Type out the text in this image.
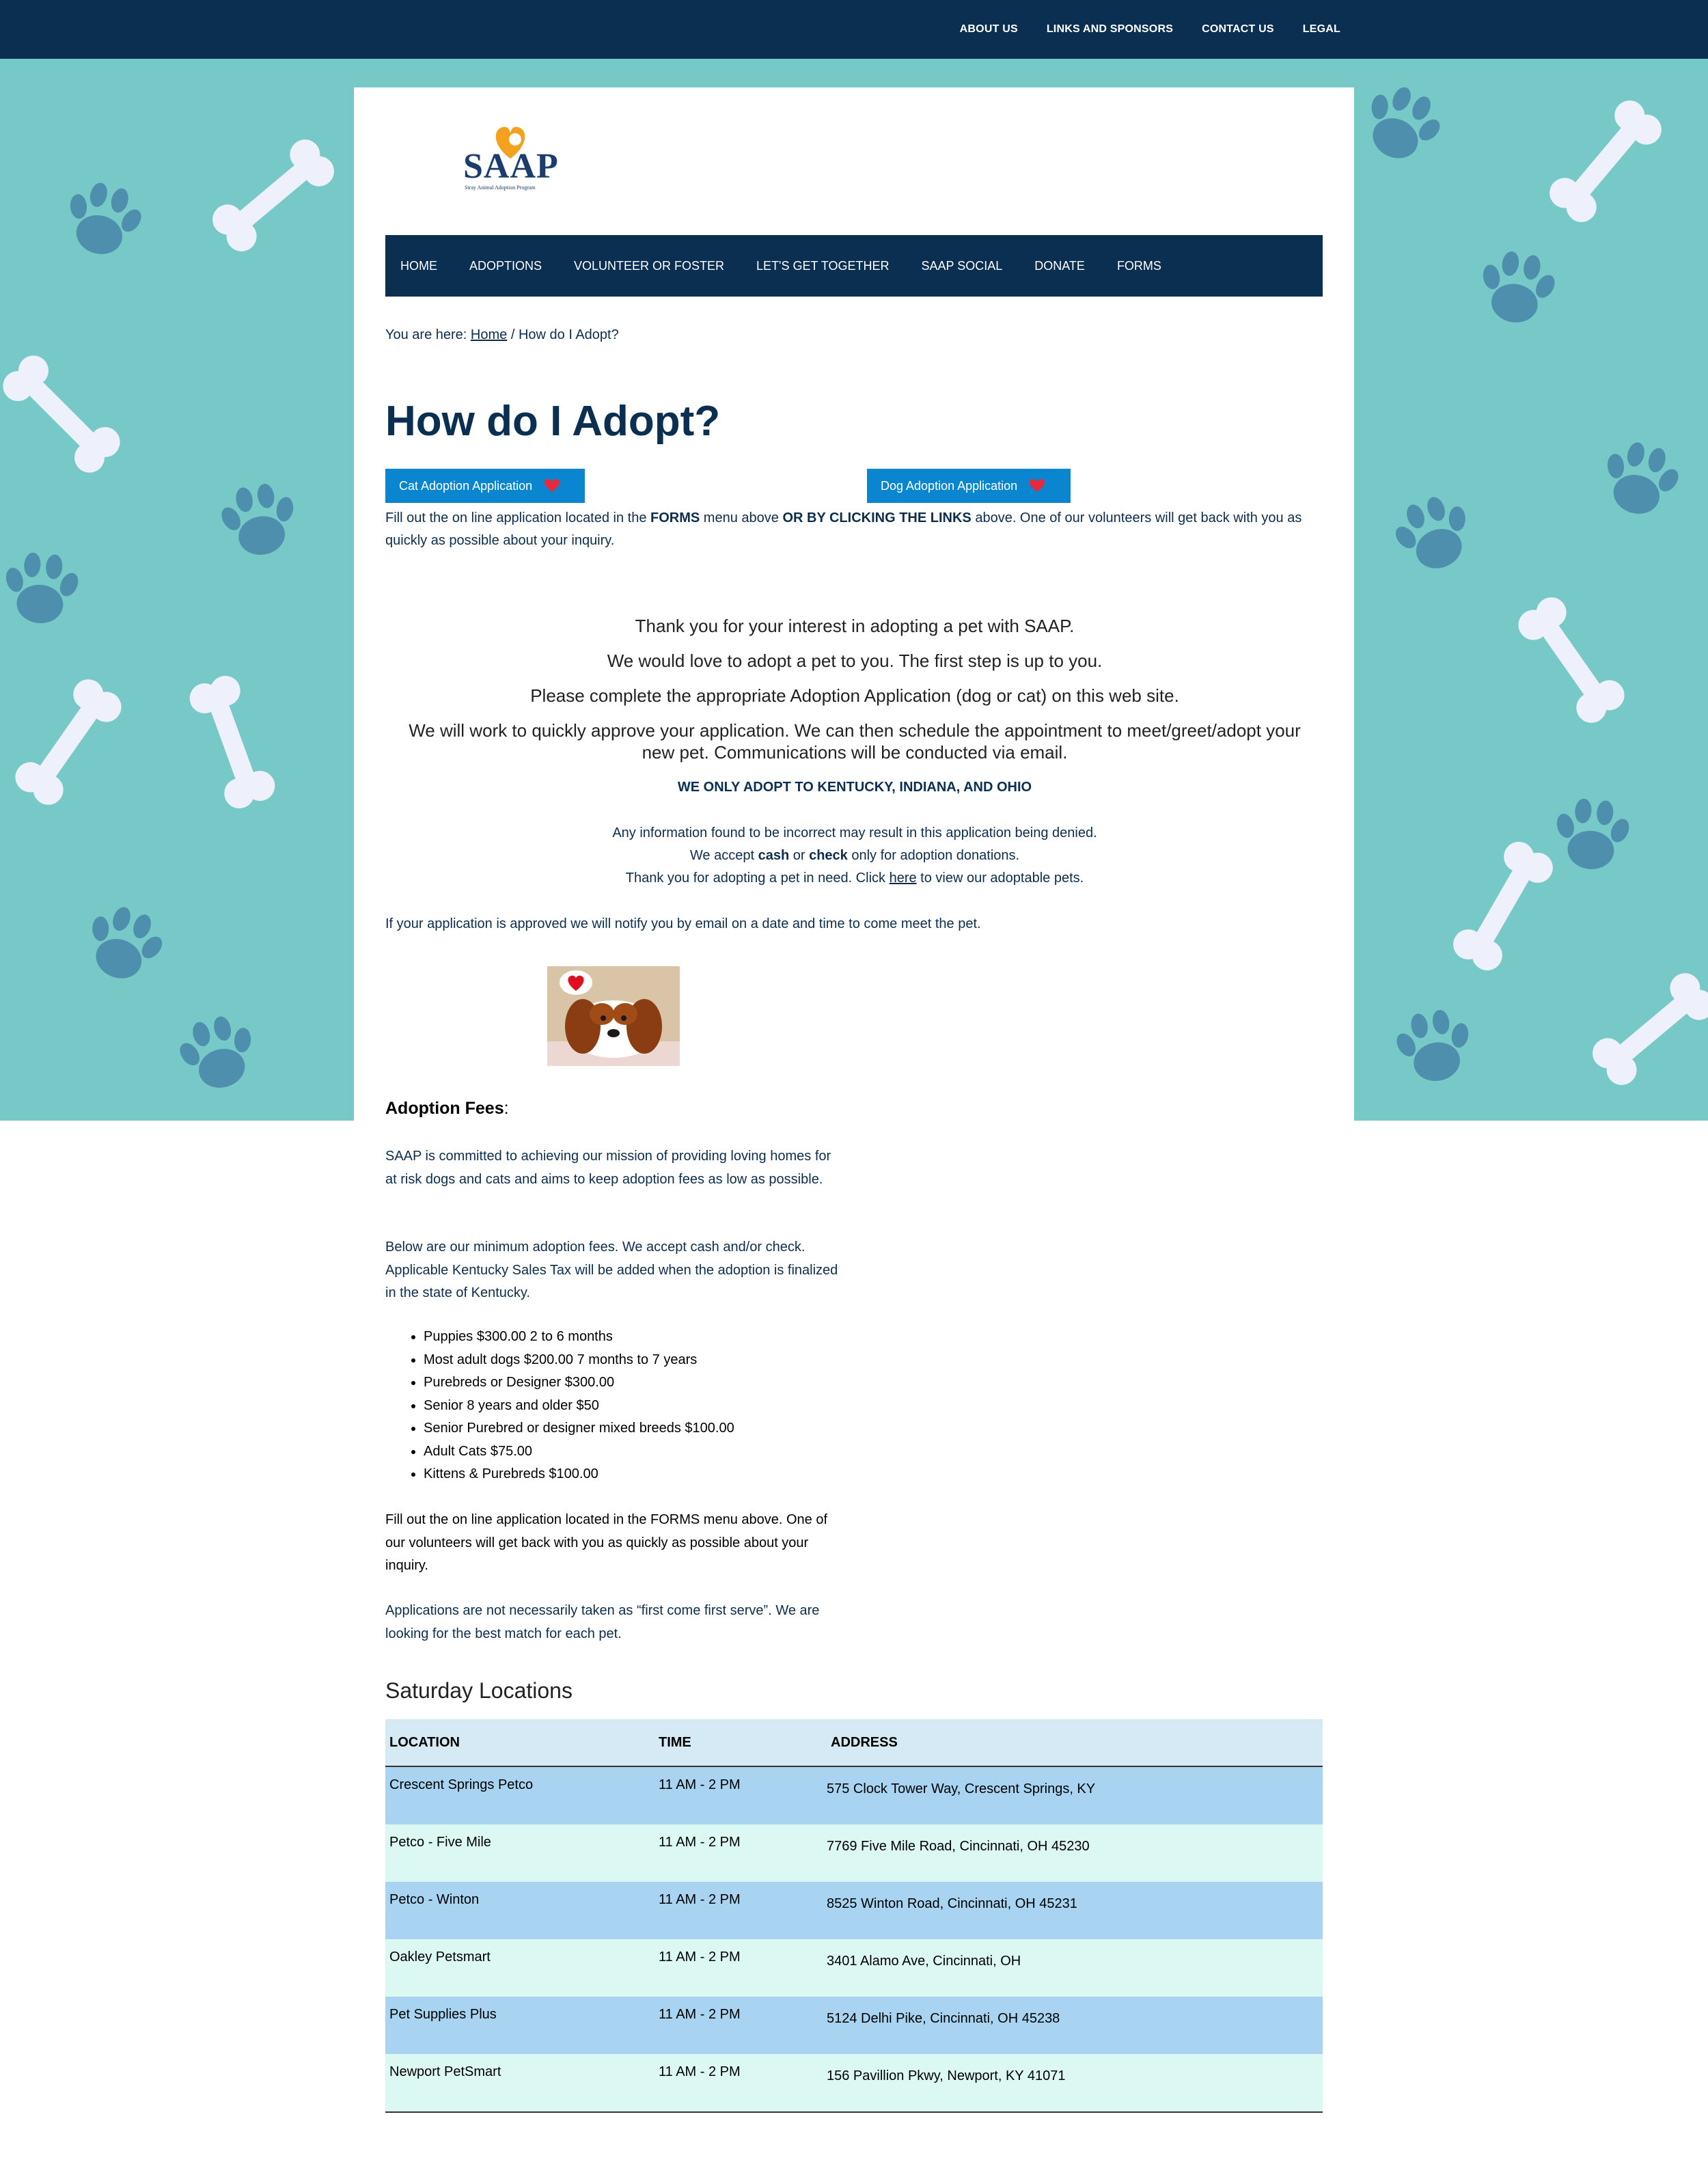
ABOUT US	LINKS AND SPONSORS	CONTACT US	LEGAL
SAAP
Stray Animal Adoption Program
HOME	ADOPTIONS	VOLUNTEER OR FOSTER	LET'S GET TOGETHER	SAAP SOCIAL	DONATE	FORMS
You are here: Home / How do I Adopt?
How do I Adopt?
Cat Adoption Application	Dog Adoption Application

Fill out the on line application located in the FORMS menu above OR BY CLICKING THE LINKS above. One of our volunteers will get back with you as quickly as possible about your inquiry.

Thank you for your interest in adopting a pet with SAAP.

We would love to adopt a pet to you. The first step is up to you.

Please complete the appropriate Adoption Application (dog or cat) on this web site.

We will work to quickly approve your application. We can then schedule the appointment to meet/greet/adopt your new pet. Communications will be conducted via email.

WE ONLY ADOPT TO KENTUCKY, INDIANA, AND OHIO

Any information found to be incorrect may result in this application being denied.

We accept cash or check only for adoption donations.

Thank you for adopting a pet in need. Click here to view our adoptable pets.

If your application is approved we will notify you by email on a date and time to come meet the pet.

Adoption Fees:

SAAP is committed to achieving our mission of providing loving homes for at risk dogs and cats and aims to keep adoption fees as low as possible.

Below are our minimum adoption fees. We accept cash and/or check. Applicable Kentucky Sales Tax will be added when the adoption is finalized in the state of Kentucky.

• Puppies $300.00 2 to 6 months
• Most adult dogs $200.00 7 months to 7 years
• Purebreds or Designer $300.00
• Senior 8 years and older $50
• Senior Purebred or designer mixed breeds $100.00
• Adult Cats $75.00
• Kittens & Purebreds $100.00

Fill out the on line application located in the FORMS menu above. One of our volunteers will get back with you as quickly as possible about your inquiry.

Applications are not necessarily taken as “first come first serve”. We are looking for the best match for each pet.

Saturday Locations
LOCATION	TIME	ADDRESS
Crescent Springs Petco	11 AM - 2 PM	575 Clock Tower Way, Crescent Springs, KY
Petco - Five Mile	11 AM - 2 PM	7769 Five Mile Road, Cincinnati, OH 45230
Petco - Winton	11 AM - 2 PM	8525 Winton Road, Cincinnati, OH 45231
Oakley Petsmart	11 AM - 2 PM	3401 Alamo Ave, Cincinnati, OH
Pet Supplies Plus	11 AM - 2 PM	5124 Delhi Pike, Cincinnati, OH 45238
Newport PetSmart	11 AM - 2 PM	156 Pavillion Pkwy, Newport, KY 41071
